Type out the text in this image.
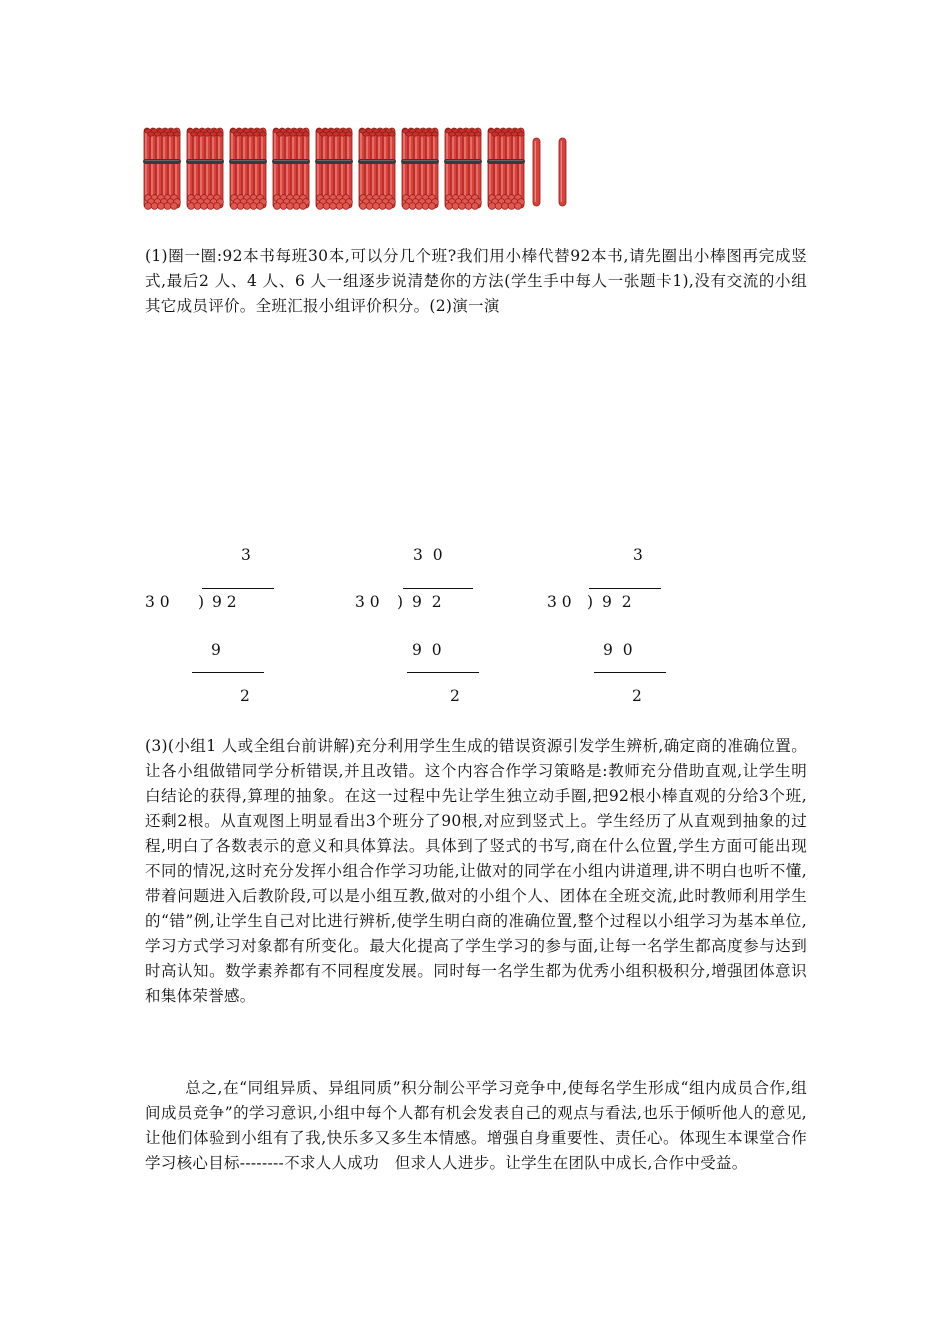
(1)圈一圈:92本书每班30本,可以分几个班?我们用小棒代替92本书,请先圈出小棒图再完成竖式,最后2 人、4 人、6 人一组逐步说清楚你的方法(学生手中每人一张题卡1),没有交流的小组其它成员评价。全班汇报小组评价积分。(2)演一演
3
3 0 ) 9 2
9
2
3  0
3 0 ) 9  2
9  0
2
3
3 0 ) 9  2
9  0
2
(3)(小组1 人或全组台前讲解)充分利用学生生成的错误资源引发学生辨析,确定商的准确位置。让各小组做错同学分析错误,并且改错。这个内容合作学习策略是:教师充分借助直观,让学生明白结论的获得,算理的抽象。在这一过程中先让学生独立动手圈,把92根小棒直观的分给3个班,还剩2根。从直观图上明显看出3个班分了90根,对应到竖式上。学生经历了从直观到抽象的过程,明白了各数表示的意义和具体算法。具体到了竖式的书写,商在什么位置,学生方面可能出现不同的情况,这时充分发挥小组合作学习功能,让做对的同学在小组内讲道理,讲不明白也听不懂,带着问题进入后教阶段,可以是小组互教,做对的小组个人、团体在全班交流,此时教师利用学生的“错”例,让学生自己对比进行辨析,使学生明白商的准确位置,整个过程以小组学习为基本单位,学习方式学习对象都有所变化。最大化提高了学生学习的参与面,让每一名学生都高度参与达到时高认知。数学素养都有不同程度发展。同时每一名学生都为优秀小组积极积分,增强团体意识和集体荣誉感。
总之,在“同组异质、异组同质”积分制公平学习竞争中,使每名学生形成“组内成员合作,组间成员竞争”的学习意识,小组中每个人都有机会发表自己的观点与看法,也乐于倾听他人的意见,让他们体验到小组有了我,快乐多又多生本情感。增强自身重要性、责任心。体现生本课堂合作学习核心目标--------不求人人成功　但求人人进步。让学生在团队中成长,合作中受益。
